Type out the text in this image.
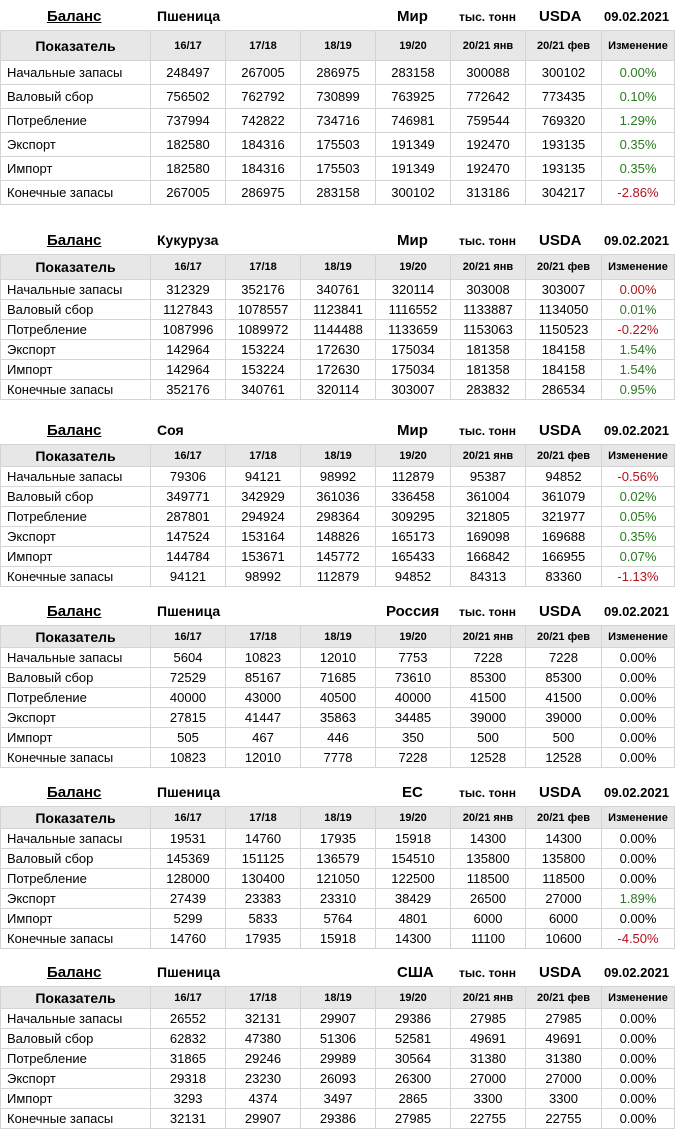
Баланс	Пшеница	Мир	тыс. тонн USDA 09.02.2021
Показатель	16/17	17/18	18/19	19/20	20/21 янв	20/21 фев	Изменение
Начальные запасы	248497	267005	286975	283158	300088	300102	0.00%
Валовый сбор	756502	762792	730899	763925	772642	773435	0.10%
Потребление	737994	742822	734716	746981	759544	769320	1.29%
Экспорт	182580	184316	175503	191349	192470	193135	0.35%
Импорт	182580	184316	175503	191349	192470	193135	0.35%
Конечные запасы	267005	286975	283158	300102	313186	304217	-2.86%
Баланс	Кукуруза	Мир	тыс. тонн USDA 09.02.2021
Показатель	16/17	17/18	18/19	19/20	20/21 янв	20/21 фев	Изменение
Начальные запасы	312329	352176	340761	320114	303008	303007	0.00%
Валовый сбор	1127843	1078557	1123841	1116552	1133887	1134050	0.01%
Потребление	1087996	1089972	1144488	1133659	1153063	1150523	-0.22%
Экспорт	142964	153224	172630	175034	181358	184158	1.54%
Импорт	142964	153224	172630	175034	181358	184158	1.54%
Конечные запасы	352176	340761	320114	303007	283832	286534	0.95%
Баланс	Соя	Мир	тыс. тонн USDA 09.02.2021
Показатель	16/17	17/18	18/19	19/20	20/21 янв	20/21 фев	Изменение
Начальные запасы	79306	94121	98992	112879	95387	94852	-0.56%
Валовый сбор	349771	342929	361036	336458	361004	361079	0.02%
Потребление	287801	294924	298364	309295	321805	321977	0.05%
Экспорт	147524	153164	148826	165173	169098	169688	0.35%
Импорт	144784	153671	145772	165433	166842	166955	0.07%
Конечные запасы	94121	98992	112879	94852	84313	83360	-1.13%
Баланс	Пшеница	Россия тыс. тонн USDA 09.02.2021
Показатель	16/17	17/18	18/19	19/20	20/21 янв	20/21 фев	Изменение
Начальные запасы	5604	10823	12010	7753	7228	7228	0.00%
Валовый сбор	72529	85167	71685	73610	85300	85300	0.00%
Потребление	40000	43000	40500	40000	41500	41500	0.00%
Экспорт	27815	41447	35863	34485	39000	39000	0.00%
Импорт	505	467	446	350	500	500	0.00%
Конечные запасы	10823	12010	7778	7228	12528	12528	0.00%
Баланс	Пшеница	ЕС	тыс. тонн USDA 09.02.2021
Показатель	16/17	17/18	18/19	19/20	20/21 янв	20/21 фев	Изменение
Начальные запасы	19531	14760	17935	15918	14300	14300	0.00%
Валовый сбор	145369	151125	136579	154510	135800	135800	0.00%
Потребление	128000	130400	121050	122500	118500	118500	0.00%
Экспорт	27439	23383	23310	38429	26500	27000	1.89%
Импорт	5299	5833	5764	4801	6000	6000	0.00%
Конечные запасы	14760	17935	15918	14300	11100	10600	-4.50%
Баланс	Пшеница	США тыс. тонн USDA 09.02.2021
Показатель	16/17	17/18	18/19	19/20	20/21 янв	20/21 фев	Изменение
Начальные запасы	26552	32131	29907	29386	27985	27985	0.00%
Валовый сбор	62832	47380	51306	52581	49691	49691	0.00%
Потребление	31865	29246	29989	30564	31380	31380	0.00%
Экспорт	29318	23230	26093	26300	27000	27000	0.00%
Импорт	3293	4374	3497	2865	3300	3300	0.00%
Конечные запасы	32131	29907	29386	27985	22755	22755	0.00%
